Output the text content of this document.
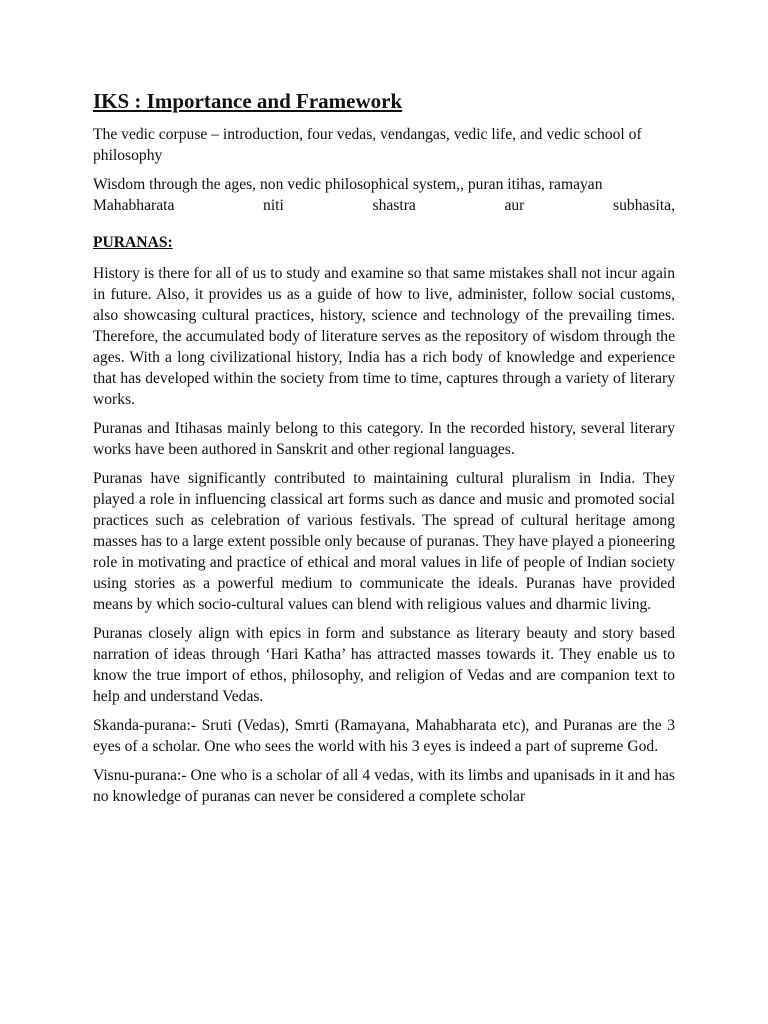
IKS : Importance and Framework

The vedic corpuse – introduction, four vedas, vendangas, vedic life, and vedic school of philosophy

Wisdom through the ages, non vedic philosophical system,, puran itihas, ramayan

Mahabharata	niti	shastra	aur	subhasita,
PURANAS:

History is there for all of us to study and examine so that same mistakes shall not incur again in future. Also, it provides us as a guide of how to live, administer, follow social customs, also showcasing cultural practices, history, science and technology of the prevailing times. Therefore, the accumulated body of literature serves as the repository of wisdom through the ages. With a long civilizational history, India has a rich body of knowledge and experience that has developed within the society from time to time, captures through a variety of literary works.

Puranas and Itihasas mainly belong to this category. In the recorded history, several literary works have been authored in Sanskrit and other regional languages.

Puranas have significantly contributed to maintaining cultural pluralism in India. They played a role in influencing classical art forms such as dance and music and promoted social practices such as celebration of various festivals. The spread of cultural heritage among masses has to a large extent possible only because of puranas. They have played a pioneering role in motivating and practice of ethical and moral values in life of people of Indian society using stories as a powerful medium to communicate the ideals. Puranas have provided means by which socio-cultural values can blend with religious values and dharmic living.

Puranas closely align with epics in form and substance as literary beauty and story based narration of ideas through ‘Hari Katha’ has attracted masses towards it. They enable us to know the true import of ethos, philosophy, and religion of Vedas and are companion text to help and understand Vedas.

Skanda-purana:- Sruti (Vedas), Smrti (Ramayana, Mahabharata etc), and Puranas are the 3 eyes of a scholar. One who sees the world with his 3 eyes is indeed a part of supreme God.

Visnu-purana:- One who is a scholar of all 4 vedas, with its limbs and upanisads in it and has no knowledge of puranas can never be considered a complete scholar
